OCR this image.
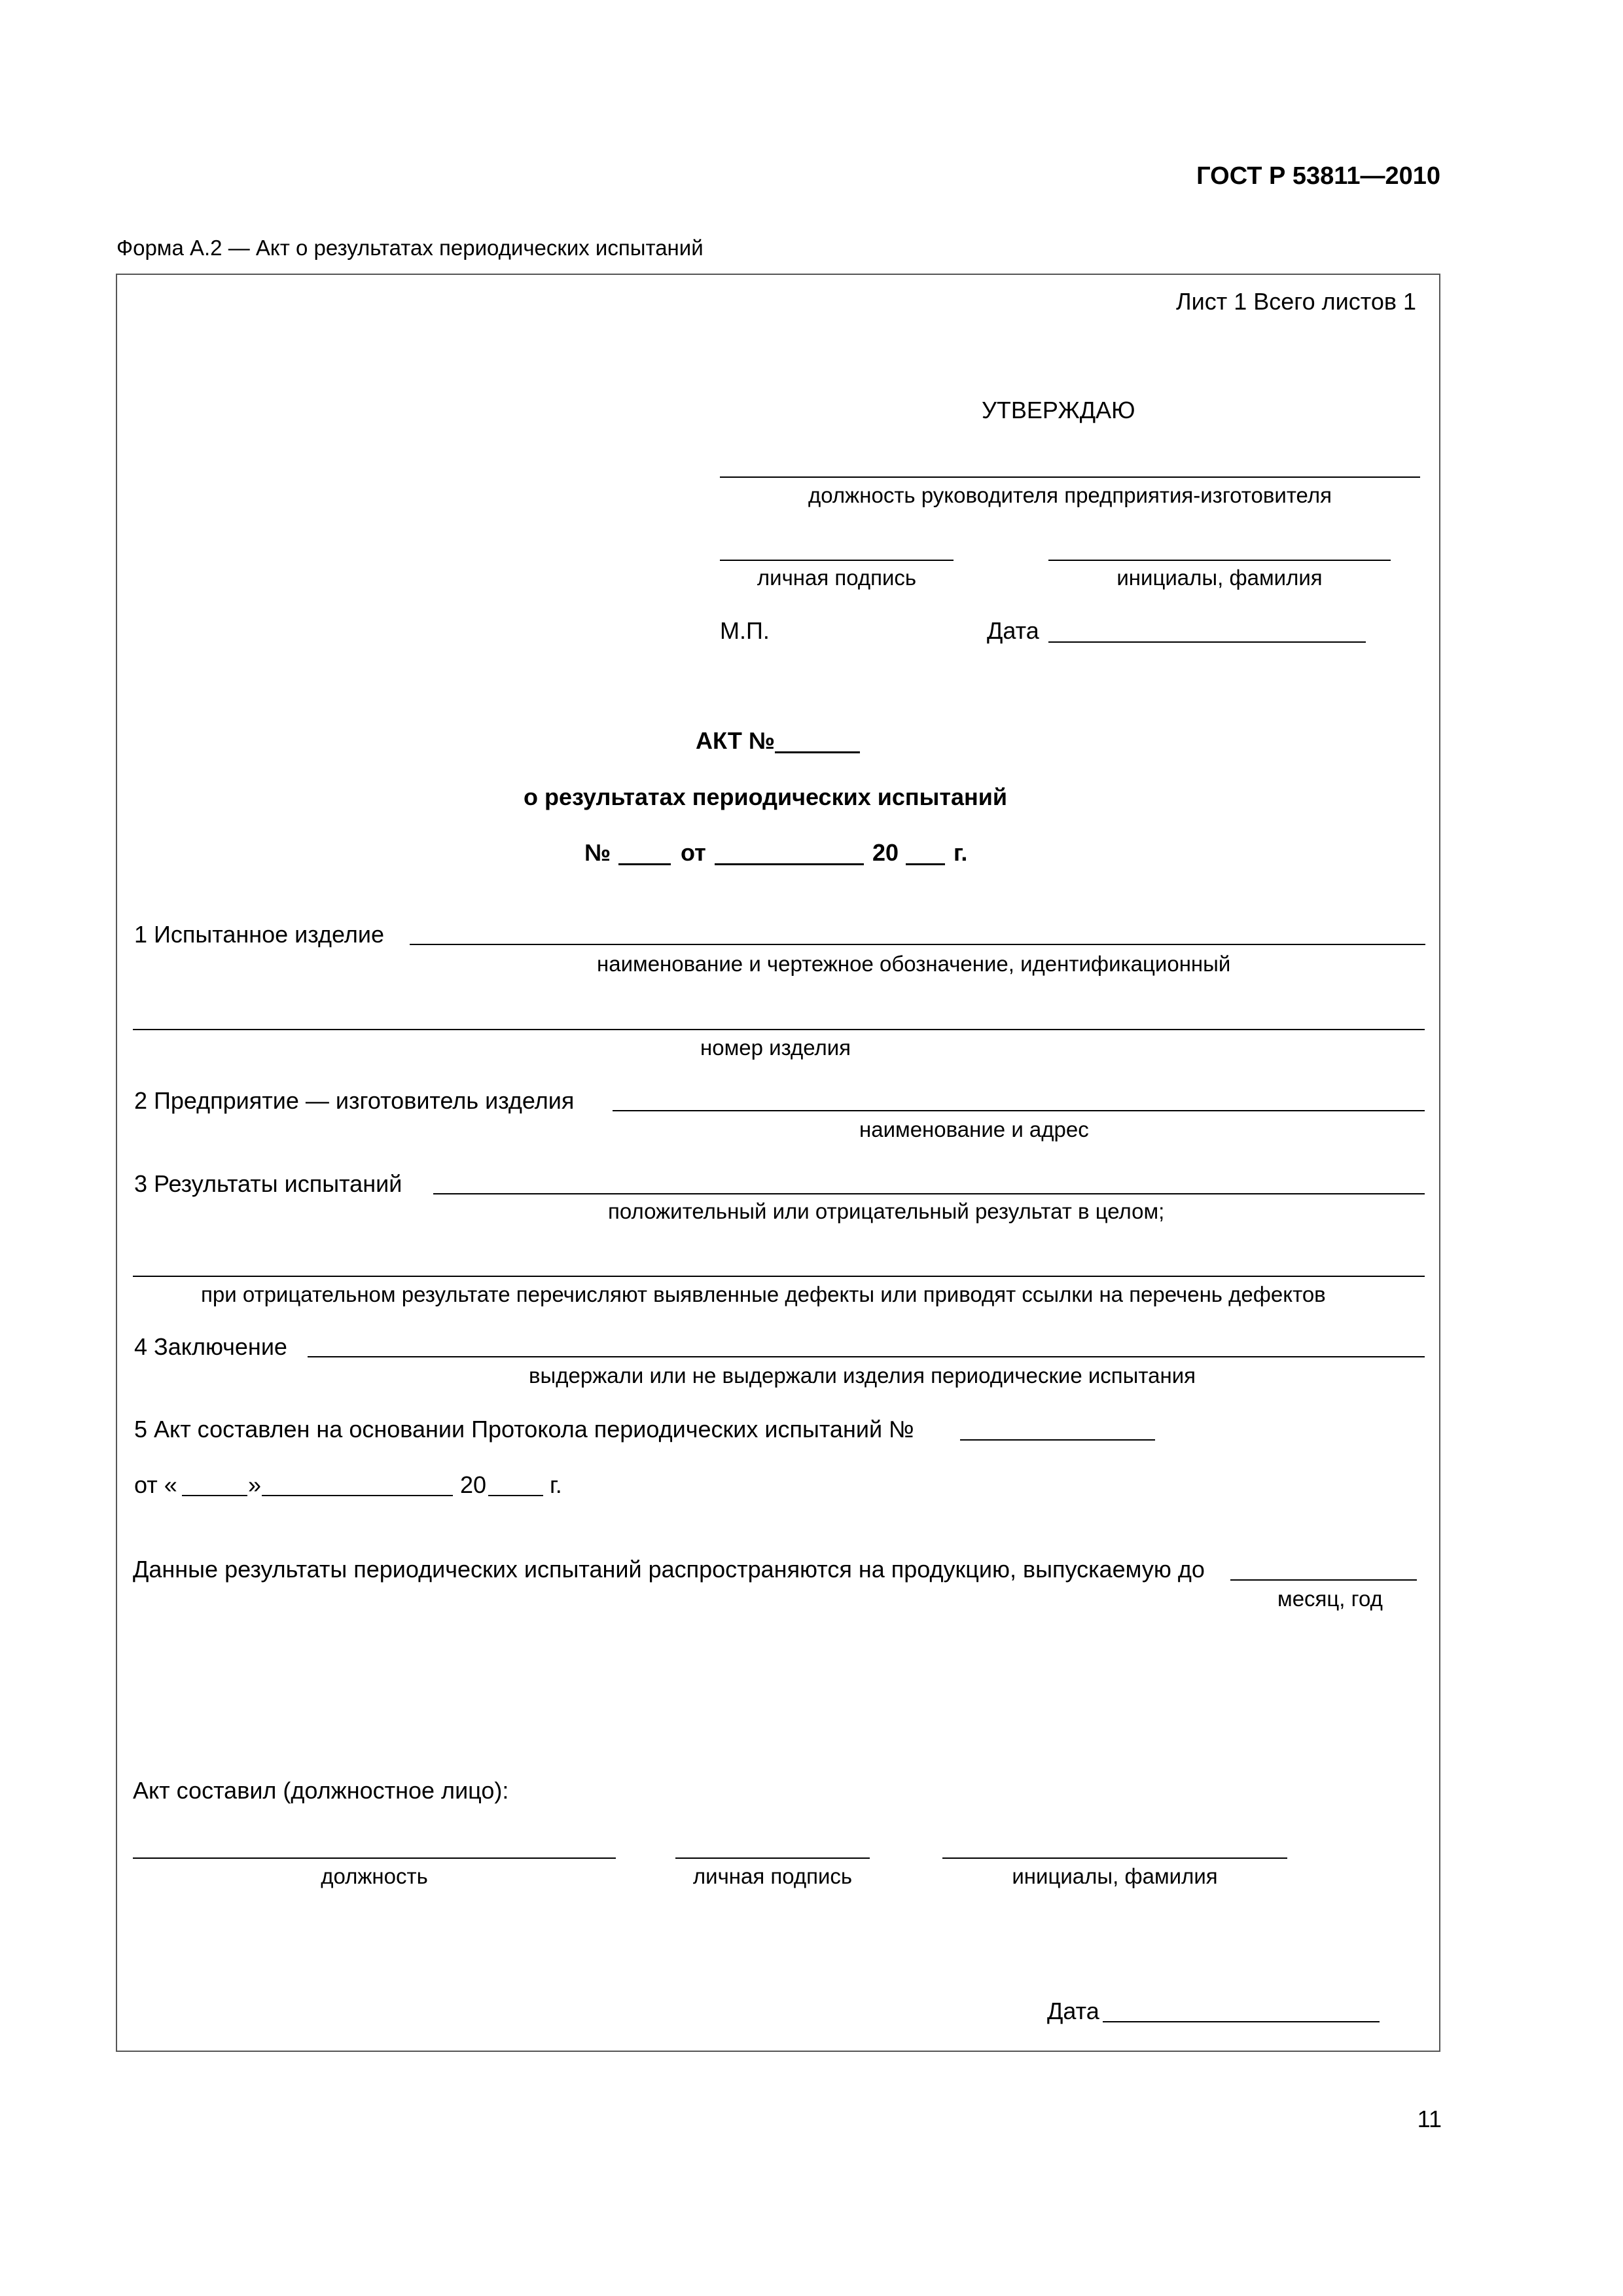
ГОСТ Р 53811—2010
Форма А.2 — Акт о результатах периодических испытаний
Лист 1 Всего листов 1
УТВЕРЖДАЮ
должность руководителя предприятия-изготовителя
личная подпись	инициалы, фамилия
М.П.	Дата
АКТ №
о результатах периодических испытаний
№	от	20 г.
1 Испытанное изделие
наименование и чертежное обозначение, идентификационный
номер изделия
2 Предприятие — изготовитель изделия
наименование и адрес
3 Результаты испытаний
положительный или отрицательный результат в целом;
при отрицательном результате перечисляют выявленные дефекты или приводят ссылки на перечень дефектов
4 Заключение
выдержали или не выдержали изделия периодические испытания
5 Акт составлен на основании Протокола периодических испытаний №
от «	»	20	г.
Данные результаты периодических испытаний распространяются на продукцию, выпускаемую до
месяц, год
Акт составил (должностное лицо):
должность	личная подпись	инициалы, фамилия
Дата
11
